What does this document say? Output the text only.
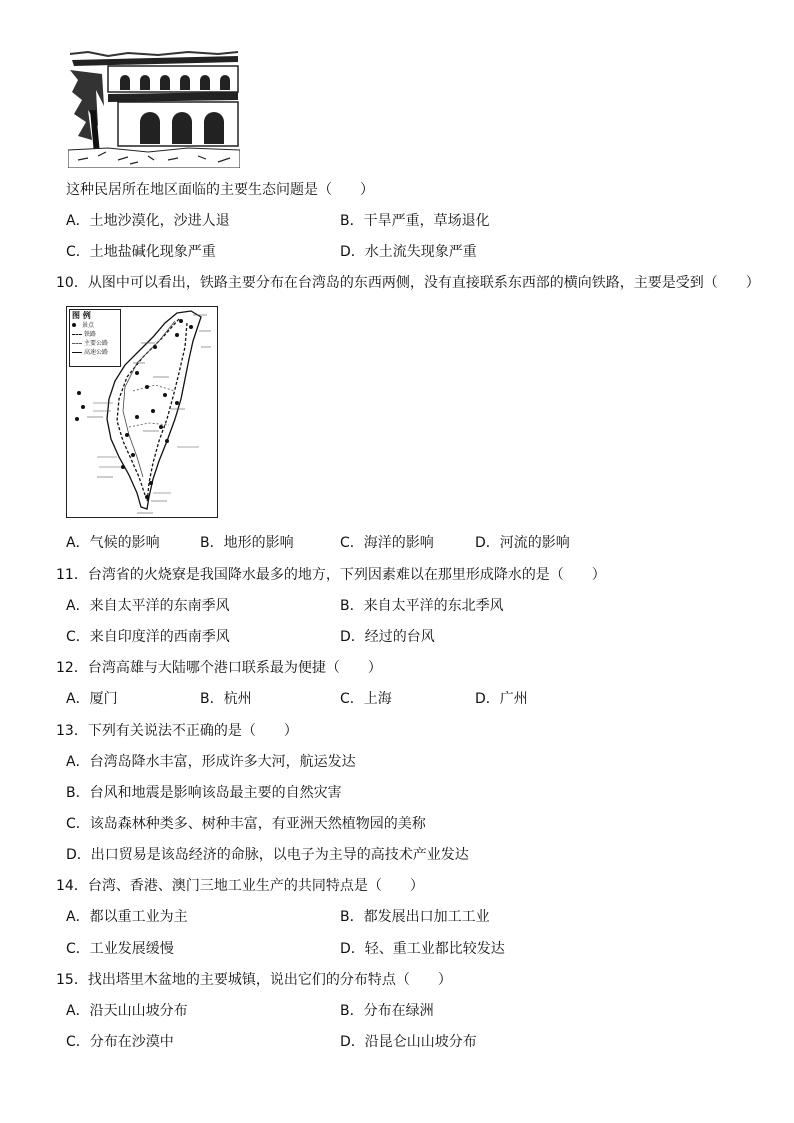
这种民居所在地区面临的主要生态问题是（　　）
A．土地沙漠化，沙进人退	B．干旱严重，草场退化
C．土地盐碱化现象严重	D．水土流失现象严重
10．从图中可以看出，铁路主要分布在台湾岛的东西两侧，没有直接联系东西部的横向铁路，主要是受到（　　）
图 例
景点
铁路
主要公路
高速公路
A．气候的影响	B．地形的影响	C．海洋的影响	D．河流的影响
11．台湾省的火烧寮是我国降水最多的地方，下列因素难以在那里形成降水的是（　　）
A．来自太平洋的东南季风	B．来自太平洋的东北季风
C．来自印度洋的西南季风	D．经过的台风
12．台湾高雄与大陆哪个港口联系最为便捷（　　）
A．厦门	B．杭州	C．上海	D．广州
13．下列有关说法不正确的是（　　）
A．台湾岛降水丰富，形成许多大河，航运发达
B．台风和地震是影响该岛最主要的自然灾害
C．该岛森林种类多、树种丰富，有亚洲天然植物园的美称
D．出口贸易是该岛经济的命脉，以电子为主导的高技术产业发达
14．台湾、香港、澳门三地工业生产的共同特点是（　　）
A．都以重工业为主	B．都发展出口加工工业
C．工业发展缓慢	D．轻、重工业都比较发达
15．找出塔里木盆地的主要城镇，说出它们的分布特点（　　）
A．沿天山山坡分布	B．分布在绿洲
C．分布在沙漠中	D．沿昆仑山山坡分布
